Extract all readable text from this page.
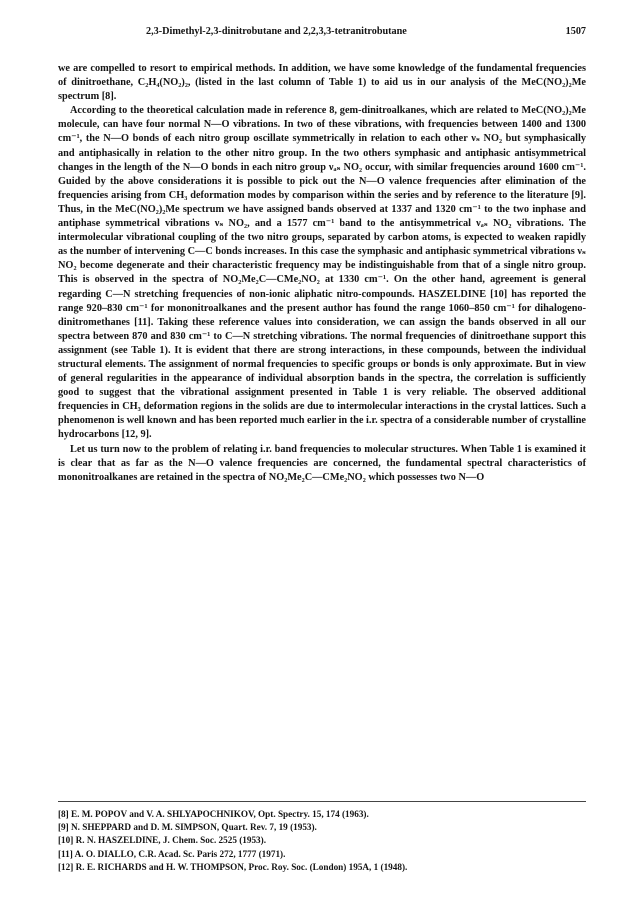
2,3-Dimethyl-2,3-dinitrobutane and 2,2,3,3-tetranitrobutane	1507

we are compelled to resort to empirical methods. In addition, we have some knowledge of the fundamental frequencies of dinitroethane, C₂H₄(NO₂)₂, (listed in the last column of Table 1) to aid us in our analysis of the MeC(NO₂)₂Me spectrum [8].

According to the theoretical calculation made in reference 8, gem-dinitroalkanes, which are related to MeC(NO₂)₂Me molecule, can have four normal N—O vibrations. In two of these vibrations, with frequencies between 1400 and 1300 cm⁻¹, the N—O bonds of each nitro group oscillate symmetrically in relation to each other νₛ NO₂ but symphasically and antiphasically in relation to the other nitro group. In the two others symphasic and antiphasic antisymmetrical changes in the length of the N—O bonds in each nitro group νₐₛ NO₂ occur, with similar frequencies around 1600 cm⁻¹. Guided by the above considerations it is possible to pick out the N—O valence frequencies after elimination of the frequencies arising from CH₃ deformation modes by comparison within the series and by reference to the literature [9]. Thus, in the MeC(NO₂)₂Me spectrum we have assigned bands observed at 1337 and 1320 cm⁻¹ to the two inphase and antiphase symmetrical vibrations νₛ NO₂, and a 1577 cm⁻¹ band to the antisymmetrical νₐₛ NO₂ vibrations. The intermolecular vibrational coupling of the two nitro groups, separated by carbon atoms, is expected to weaken rapidly as the number of intervening C—C bonds increases. In this case the symphasic and antiphasic symmetrical vibrations νₛ NO₂ become degenerate and their characteristic frequency may be indistinguishable from that of a single nitro group. This is observed in the spectra of NO₂Me₂C—CMe₂NO₂ at 1330 cm⁻¹. On the other hand, agreement is general regarding C—N stretching frequencies of non-ionic aliphatic nitro-compounds. HASZELDINE [10] has reported the range 920–830 cm⁻¹ for mononitroalkanes and the present author has found the range 1060–850 cm⁻¹ for dihalogeno-dinitromethanes [11]. Taking these reference values into consideration, we can assign the bands observed in all our spectra between 870 and 830 cm⁻¹ to C—N stretching vibrations. The normal frequencies of dinitroethane support this assignment (see Table 1). It is evident that there are strong interactions, in these compounds, between the individual structural elements. The assignment of normal frequencies to specific groups or bonds is only approximate. But in view of general regularities in the appearance of individual absorption bands in the spectra, the correlation is sufficiently good to suggest that the vibrational assignment presented in Table 1 is very reliable. The observed additional frequencies in CH₃ deformation regions in the solids are due to intermolecular interactions in the crystal lattices. Such a phenomenon is well known and has been reported much earlier in the i.r. spectra of a considerable number of crystalline hydrocarbons [12, 9].

Let us turn now to the problem of relating i.r. band frequencies to molecular structures. When Table 1 is examined it is clear that as far as the N—O valence frequencies are concerned, the fundamental spectral characteristics of mononitroalkanes are retained in the spectra of NO₂Me₂C—CMe₂NO₂ which possesses two N—O

[8] E. M. POPOV and V. A. SHLYAPOCHNIKOV, Opt. Spectry. 15, 174 (1963).
[9] N. SHEPPARD and D. M. SIMPSON, Quart. Rev. 7, 19 (1953).
[10] R. N. HASZELDINE, J. Chem. Soc. 2525 (1953).
[11] A. O. DIALLO, C.R. Acad. Sc. Paris 272, 1777 (1971).
[12] R. E. RICHARDS and H. W. THOMPSON, Proc. Roy. Soc. (London) 195A, 1 (1948).
